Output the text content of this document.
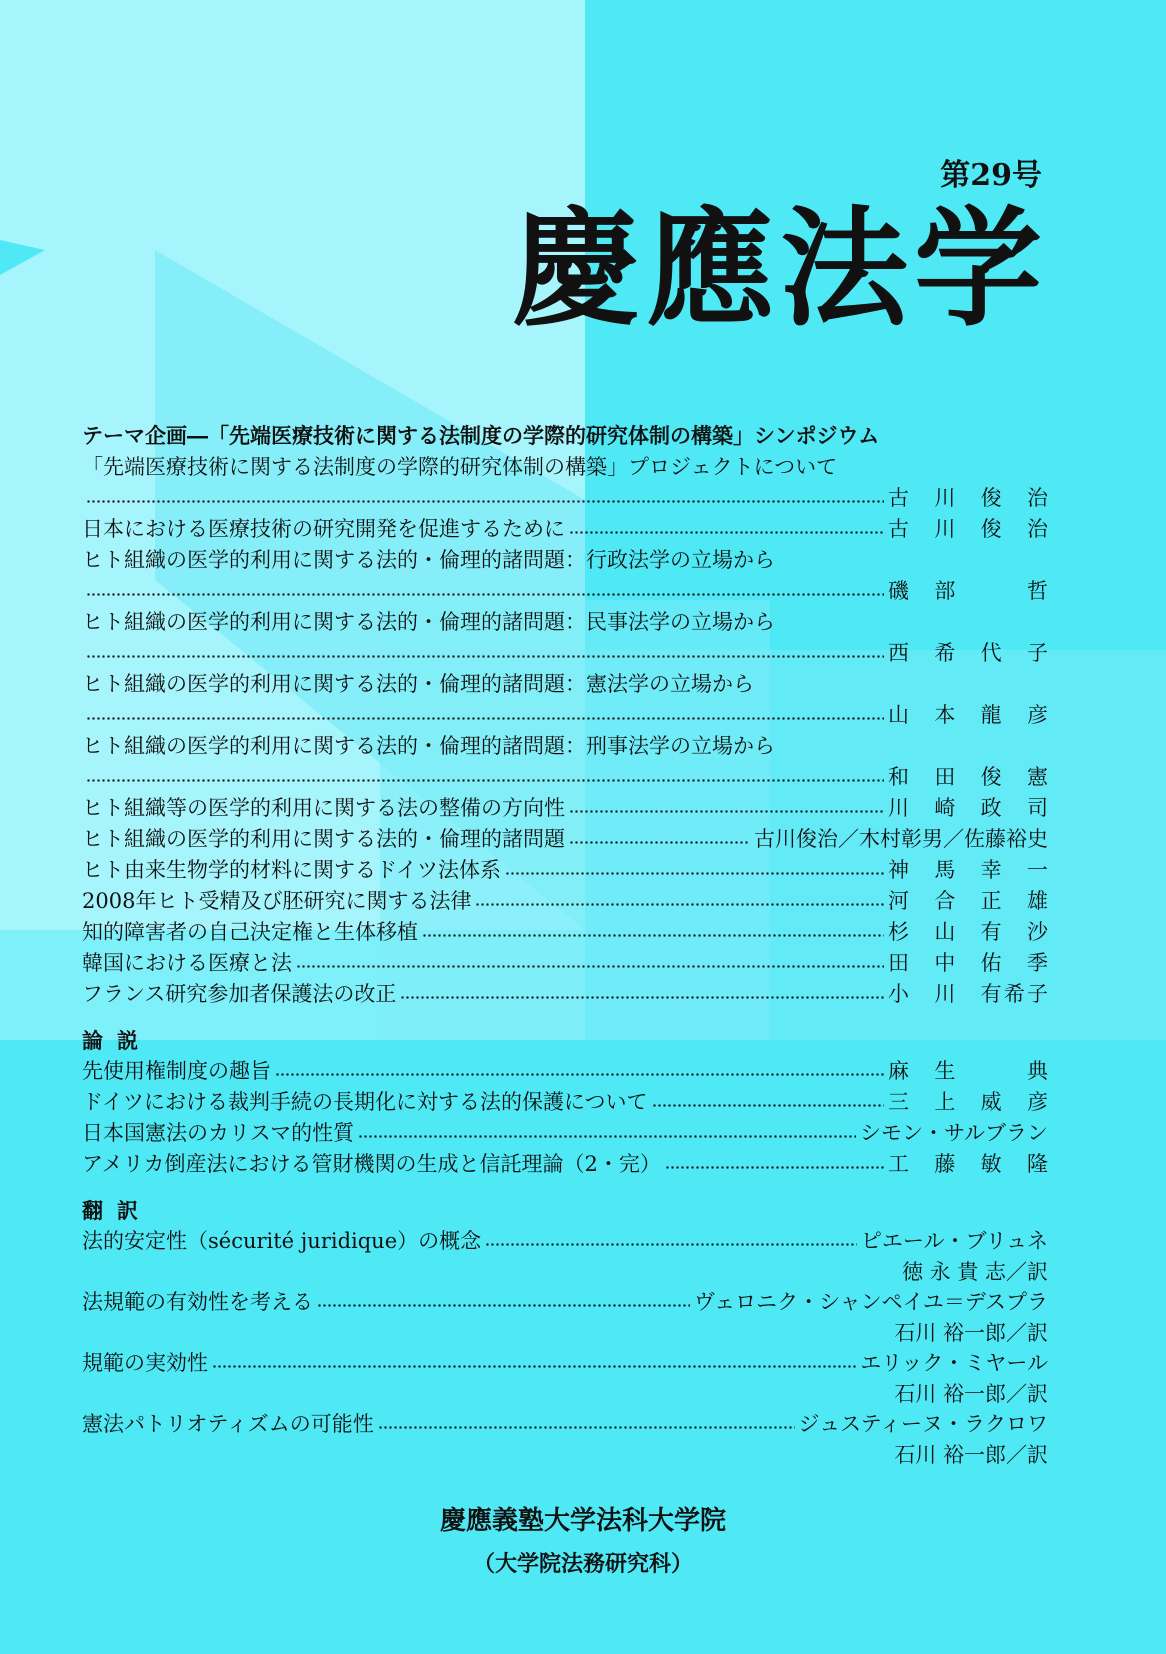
第29号
慶應法学
テーマ企画―「先端医療技術に関する法制度の学際的研究体制の構築」シンポジウム
「先端医療技術に関する法制度の学際的研究体制の構築」プロジェクトについて
古　川　俊　治
日本における医療技術の研究開発を促進するために	古　川　俊　治
ヒト組織の医学的利用に関する法的・倫理的諸問題：行政法学の立場から
磯　部　　　哲
ヒト組織の医学的利用に関する法的・倫理的諸問題：民事法学の立場から
西　希　代　子
ヒト組織の医学的利用に関する法的・倫理的諸問題：憲法学の立場から
山　本　龍　彦
ヒト組織の医学的利用に関する法的・倫理的諸問題：刑事法学の立場から
和　田　俊　憲
ヒト組織等の医学的利用に関する法の整備の方向性	川　崎　政　司
ヒト組織の医学的利用に関する法的・倫理的諸問題	古川俊治／木村彰男／佐藤裕史
ヒト由来生物学的材料に関するドイツ法体系	神　馬　幸　一
2008年ヒト受精及び胚研究に関する法律	河　合　正　雄
知的障害者の自己決定権と生体移植	杉　山　有　沙
韓国における医療と法	田　中　佑　季
フランス研究参加者保護法の改正	小　川　有希子
論説
先使用権制度の趣旨	麻　生　　　典
ドイツにおける裁判手続の長期化に対する法的保護について	三　上　威　彦
日本国憲法のカリスマ的性質	シモン・サルブラン
アメリカ倒産法における管財機関の生成と信託理論（2・完）	工　藤　敏　隆
翻訳
法的安定性（sécurité juridique）の概念	ピエール・ブリュネ
徳 永 貴 志／訳
法規範の有効性を考える	ヴェロニク・シャンペイユ＝デスプラ
石川 裕一郎／訳
規範の実効性	エリック・ミヤール
石川 裕一郎／訳
憲法パトリオティズムの可能性	ジュスティーヌ・ラクロワ
石川 裕一郎／訳
慶應義塾大学法科大学院
（大学院法務研究科）
